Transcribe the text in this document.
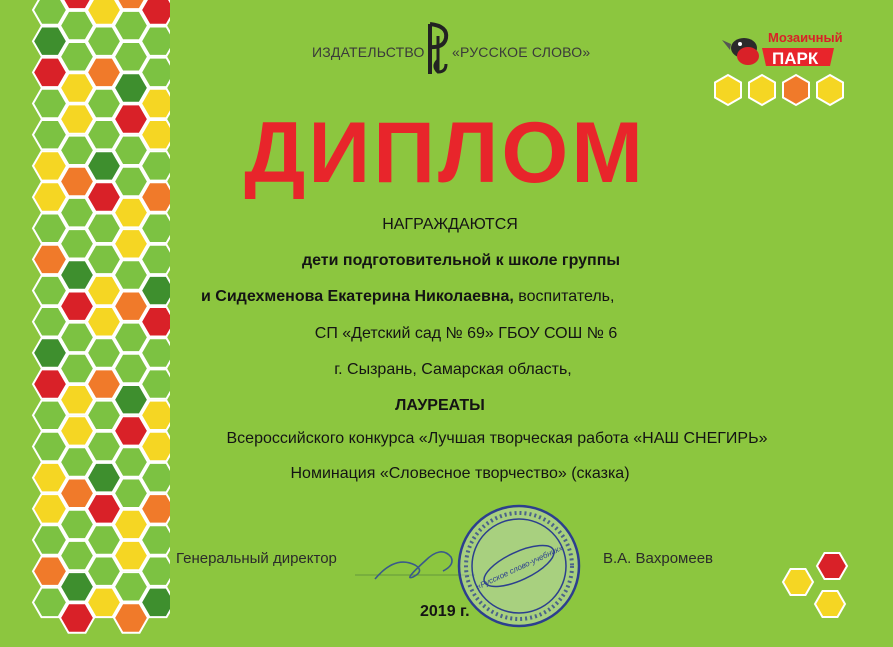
ИЗДАТЕЛЬСТВО «РУССКОЕ СЛОВО»
Мозаичный
ПАРК
ДИПЛОМ
НАГРАЖДАЮТСЯ
дети подготовительной к школе группы
и Сидехменова Екатерина Николаевна, воспитатель,
СП «Детский сад № 69» ГБОУ СОШ № 6
г. Сызрань, Самарская область,
ЛАУРЕАТЫ
Всероссийского конкурса «Лучшая творческая работа «НАШ СНЕГИРЬ»
Номинация «Словесное творчество» (сказка)
Генеральный директор	В.А. Вахромеев
«Русское слово-учебник»
2019 г.
